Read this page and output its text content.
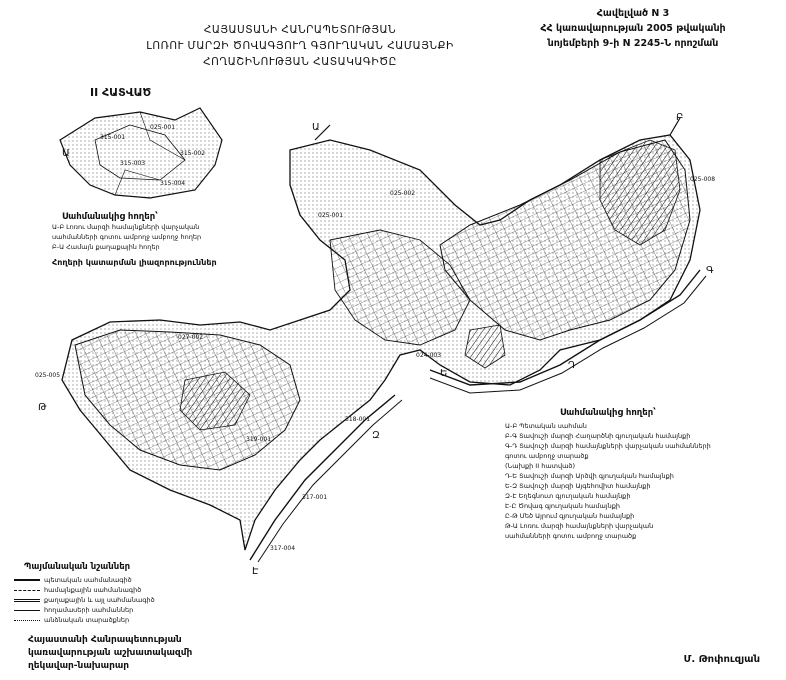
ՀԱՅԱՍՏԱՆԻ ՀԱՆՐԱՊԵՏՈՒԹՅԱՆ
ԼՈՌՈՒ ՄԱՐԶԻ ԾՈՎԱԳՅՈՒՂ ԳՅՈՒՂԱԿԱՆ ՀԱՄԱՅՆՔԻ
ՀՈՂԱՇԻՆՈՒԹՅԱՆ ՀԱՏԱԿԱԳԻԾԸ
Հավելված N 3
ՀՀ կառավարության 2005 թվականի
նոյեմբերի 9-ի N 2245-Ն որոշման
II ՀԱՏՎԱԾ
Ա
Բ
Գ
Դ
Ե
Զ
Է
Թ
Ա
315-001
025-001
315-002
315-003
315-004
025-002
025-001
025-008
024-003
025-005
027-002
317-001
317-004
318-001
319-001
Սահմանակից հողեր՝
Ա-Բ Լոռու մարզի համայնքների վարչական
սահմանների գոտու ամբողջ ամբողջ հողեր
Բ-Ա Համայն քաղաքային հողեր
Հողերի կատարման լիազորություններ
Սահմանակից հողեր՝
Ա-Բ Պետական սահման
Բ-Գ Տավուշի մարզի Հաղարծնի գյուղական համայնքի
Գ-Դ Տավուշի մարզի համայնքների վարչական սահմանների
գոտու ամբողջ տարածք
(Նախքի II հատված)
Դ-Ե Տավուշի մարզի Արծվի գյուղական համայնքի
Ե-Զ Տավուշի մարզի Այգեհովիտ համայնքի
Զ-Է Եղեգնուտ գյուղական համայնքի
Է-Ը Ծովագ գյուղական համայնքի
Ը-Թ Մեծ Այրում գյուղական համայնքի
Թ-Ա Լոռու մարզի համայնքների վարչական
սահմանների գոտու ամբողջ տարածք
Պայմանական նշաններ
պետական սահմանագիծ
համայնքային սահմանագիծ
քաղաքային և այլ սահմանագիծ
հողամասերի սահմաններ
անձնական տարածքներ
Հայաստանի Հանրապետության
կառավարության աշխատակազմի
ղեկավար-նախարար
Մ. Թոփուզյան
